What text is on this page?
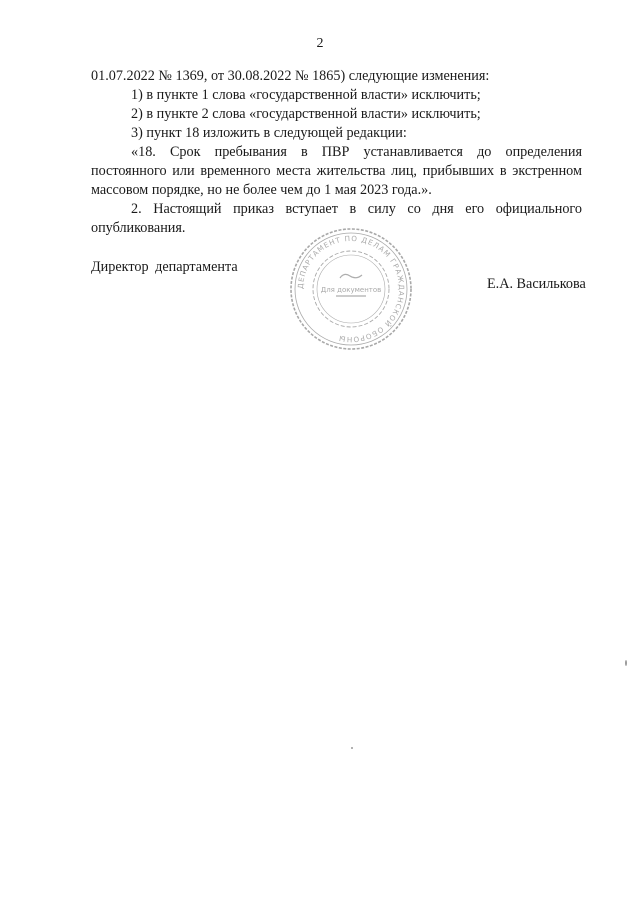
2

01.07.2022 № 1369, от 30.08.2022 № 1865) следующие изменения:

1) в пункте 1 слова «государственной власти» исключить;

2) в пункте 2 слова «государственной власти» исключить;

3) пункт 18 изложить в следующей редакции:

«18. Срок пребывания в ПВР устанавливается до определения постоянного или временного места жительства лиц, прибывших в экстренном массовом порядке, но не более чем до 1 мая 2023 года.».

2. Настоящий приказ вступает в силу со дня его официального опубликования.

Директор департамента
ДЕПАРТАМЕНТ ПО ДЕЛАМ ГРАЖДАНСКОЙ ОБОРОНЫ
Для документов	Е.А. Василькова
